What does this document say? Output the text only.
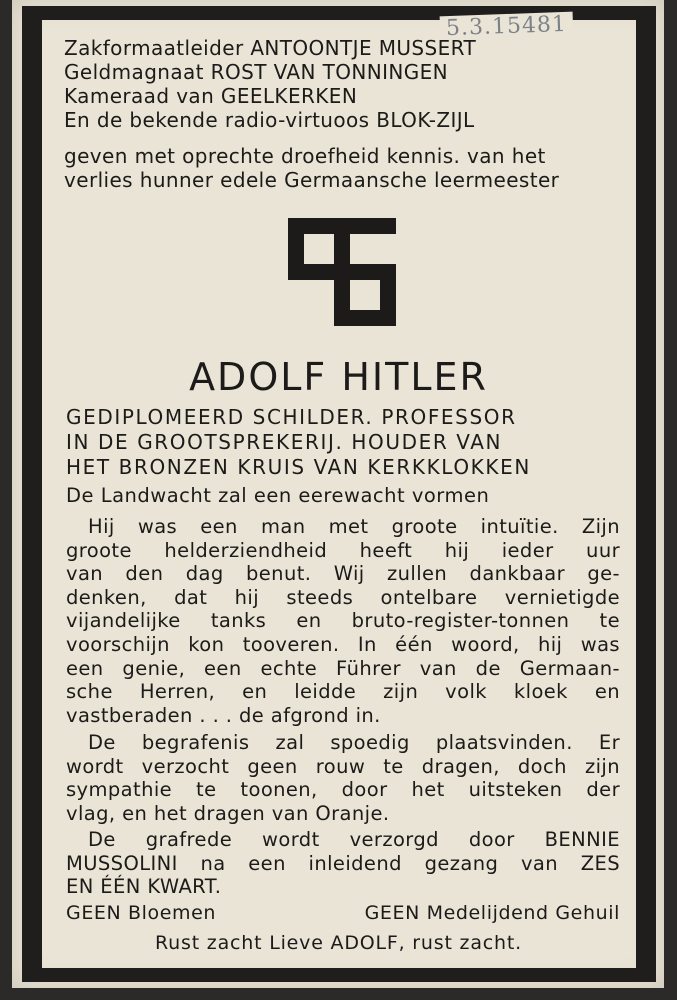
5.3.15481
Zakformaatleider ANTOONTJE MUSSERT
Geldmagnaat ROST VAN TONNINGEN
Kameraad van GEELKERKEN
En de bekende radio-virtuoos BLOK-ZIJL
geven met oprechte droefheid kennis. van het
verlies hunner edele Germaansche leermeester
ADOLF HITLER
GEDIPLOMEERD SCHILDER. PROFESSOR
IN DE GROOTSPREKERIJ. HOUDER VAN
HET BRONZEN KRUIS VAN KERKKLOKKEN
De Landwacht zal een eerewacht vormen
Hij was een man met groote intuïtie. Zijn
groote helderziendheid heeft hij ieder uur
van den dag benut. Wij zullen dankbaar ge-
denken, dat hij steeds ontelbare vernietigde
vijandelijke tanks en bruto-register-tonnen te
voorschijn kon tooveren. In één woord, hij was
een genie, een echte Führer van de Germaan-
sche Herren, en leidde zijn volk kloek en
vastberaden . . . de afgrond in.
De begrafenis zal spoedig plaatsvinden. Er
wordt verzocht geen rouw te dragen, doch zijn
sympathie te toonen, door het uitsteken der
vlag, en het dragen van Oranje.
De grafrede wordt verzorgd door BENNIE
MUSSOLINI na een inleidend gezang van ZES
EN ÉÉN KWART.
GEEN Bloemen	GEEN Medelijdend Gehuil
Rust zacht Lieve ADOLF, rust zacht.
